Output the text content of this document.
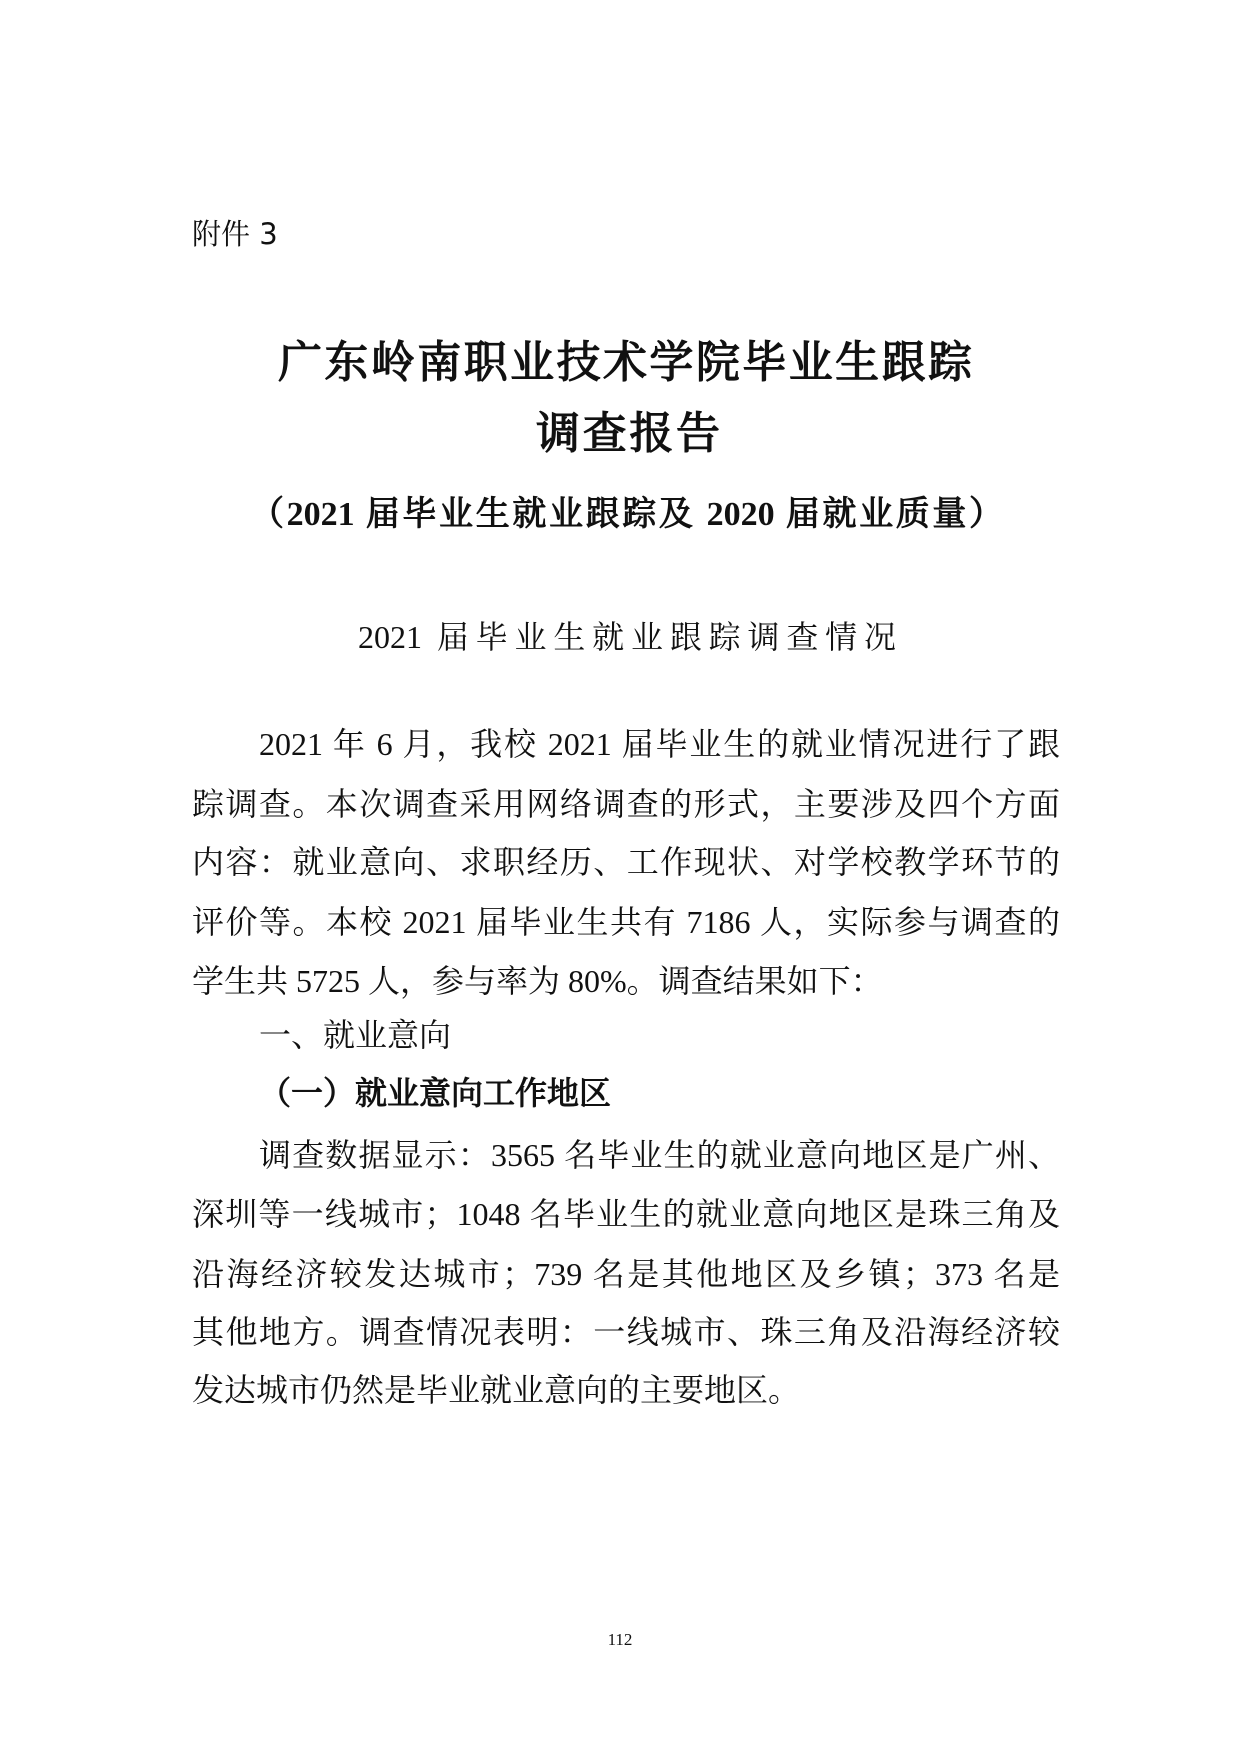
附件 3
广东岭南职业技术学院毕业生跟踪
调查报告
（2021 届毕业生就业跟踪及 2020 届就业质量）
2021 届毕业生就业跟踪调查情况
2021 年 6 月，我校 2021 届毕业生的就业情况进行了跟
踪调查。本次调查采用网络调查的形式，主要涉及四个方面
内容：就业意向、求职经历、工作现状、对学校教学环节的
评价等。本校 2021 届毕业生共有 7186 人，实际参与调查的
学生共 5725 人，参与率为 80%。调查结果如下：
一、就业意向
（一）就业意向工作地区
调查数据显示：3565 名毕业生的就业意向地区是广州、
深圳等一线城市；1048 名毕业生的就业意向地区是珠三角及
沿海经济较发达城市；739 名是其他地区及乡镇；373 名是
其他地方。调查情况表明：一线城市、珠三角及沿海经济较
发达城市仍然是毕业就业意向的主要地区。
112
